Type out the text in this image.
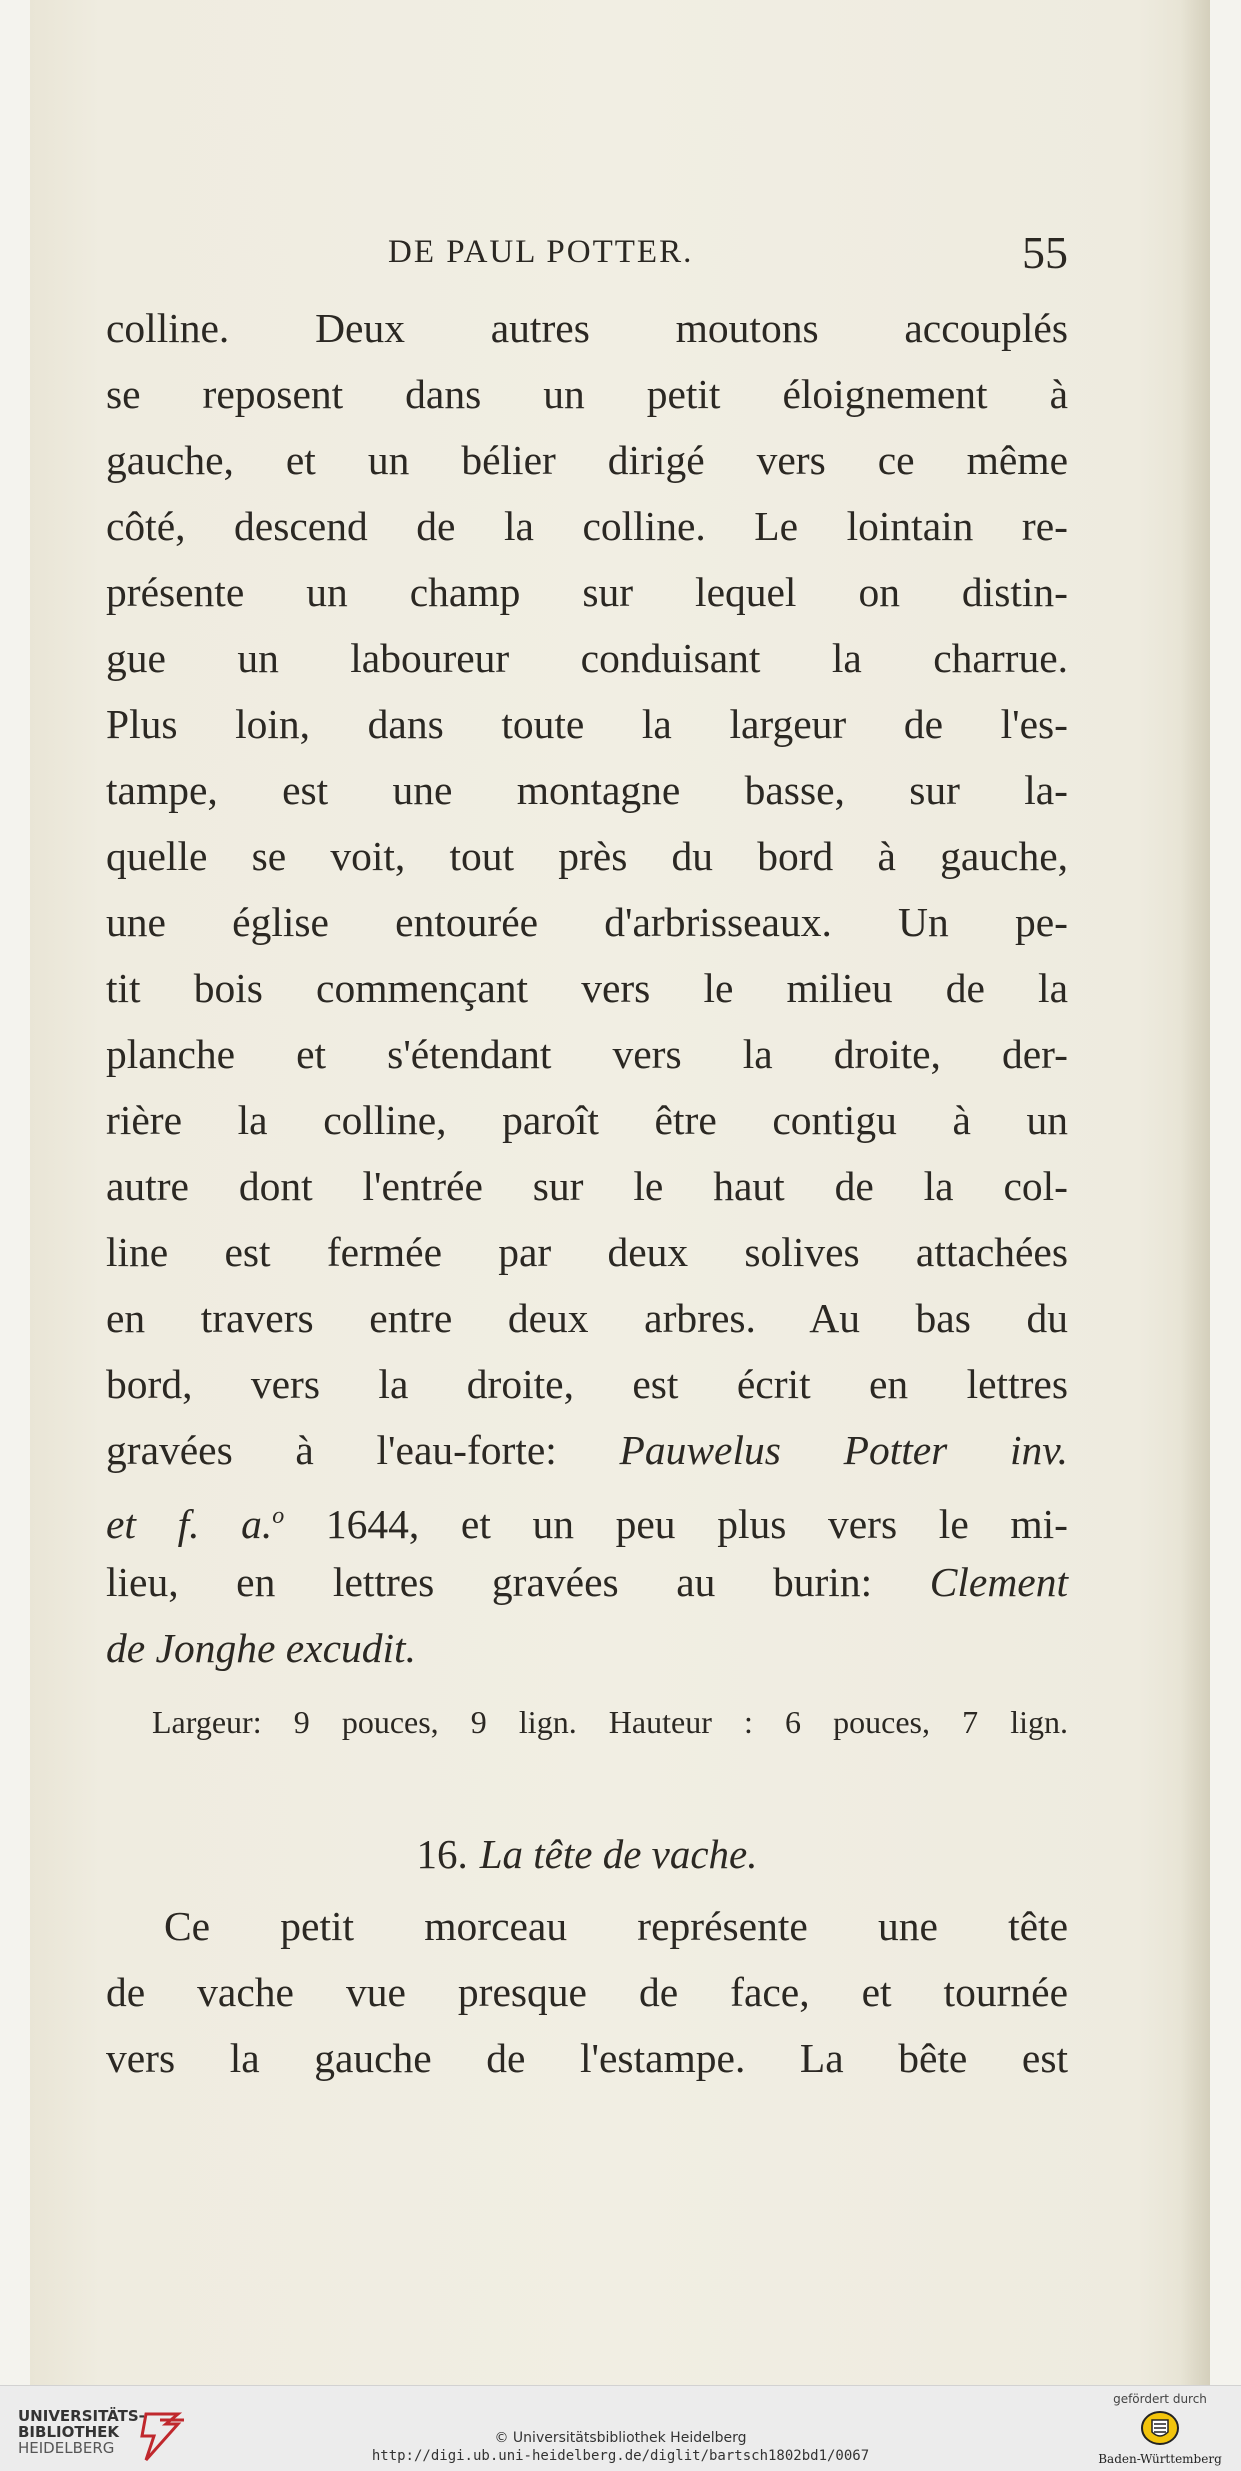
DE PAUL POTTER.	55
colline. Deux autres moutons accouplés
se reposent dans un petit éloignement à
gauche, et un bélier dirigé vers ce même
côté, descend de la colline. Le lointain re-
présente un champ sur lequel on distin-
gue un laboureur conduisant la charrue.
Plus loin, dans toute la largeur de l'es-
tampe, est une montagne basse, sur la-
quelle se voit, tout près du bord à gauche,
une église entourée d'arbrisseaux. Un pe-
tit bois commençant vers le milieu de la
planche et s'étendant vers la droite, der-
rière la colline, paroît être contigu à un
autre dont l'entrée sur le haut de la col-
line est fermée par deux solives attachées
en travers entre deux arbres. Au bas du
bord, vers la droite, est écrit en lettres
gravées à l'eau-forte: Pauwelus Potter inv.
et f. a.$^o$ 1644, et un peu plus vers le mi-
lieu, en lettres gravées au burin: Clement
de Jonghe excudit.
Largeur: 9 pouces, 9 lign. Hauteur : 6 pouces, 7 lign.
16. La tête de vache.
Ce petit morceau représente une tête
de vache vue presque de face, et tournée
vers la gauche de l'estampe. La bête est
UNIVERSITÄTS-
BIBLIOTHEK
HEIDELBERG
© Universitätsbibliothek Heidelberg
http://digi.ub.uni-heidelberg.de/diglit/bartsch1802bd1/0067
gefördert durch
Baden-Württemberg
